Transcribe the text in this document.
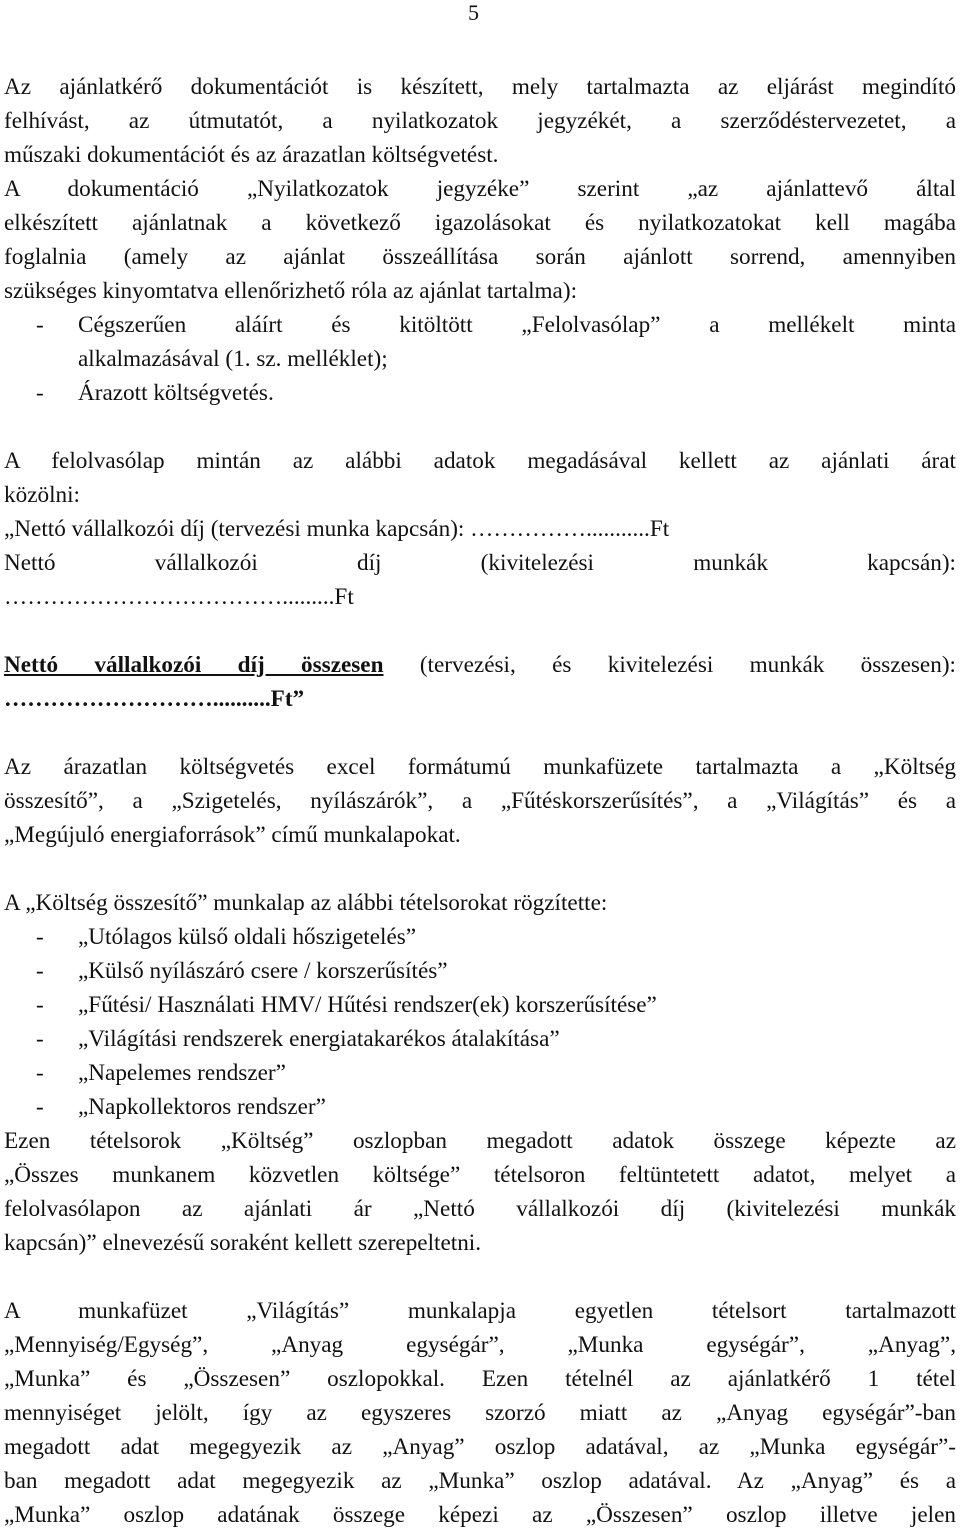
5

Az ajánlatkérő dokumentációt is készített, mely tartalmazta az eljárást megindító

felhívást, az útmutatót, a nyilatkozatok jegyzékét, a szerződéstervezetet, a

műszaki dokumentációt és az árazatlan költségvetést.

A dokumentáció „Nyilatkozatok jegyzéke” szerint „az ajánlattevő által

elkészített ajánlatnak a következő igazolásokat és nyilatkozatokat kell magába

foglalnia (amely az ajánlat összeállítása során ajánlott sorrend, amennyiben

szükséges kinyomtatva ellenőrizhető róla az ajánlat tartalma):

-	Cégszerűen aláírt és kitöltött „Felolvasólap” a mellékelt minta

alkalmazásával (1. sz. melléklet);

-	Árazott költségvetés.

A felolvasólap mintán az alábbi adatok megadásával kellett az ajánlati árat

közölni:

„Nettó vállalkozói díj (tervezési munka kapcsán): ……………...........Ft

Nettó vállalkozói díj (kivitelezési munkák kapcsán):

……………………………….........Ft

Nettó vállalkozói díj összesen (tervezési, és kivitelezési munkák összesen):

………………………..........Ft”

Az árazatlan költségvetés excel formátumú munkafüzete tartalmazta a „Költség

összesítő”, a „Szigetelés, nyílászárók”, a „Fűtéskorszerűsítés”, a „Világítás” és a

„Megújuló energiaforrások” című munkalapokat.

A „Költség összesítő” munkalap az alábbi tételsorokat rögzítette:

-	„Utólagos külső oldali hőszigetelés”
-	„Külső nyílászáró csere / korszerűsítés”
-	„Fűtési/ Használati HMV/ Hűtési rendszer(ek) korszerűsítése”
-	„Világítási rendszerek energiatakarékos átalakítása”
-	„Napelemes rendszer”
-	„Napkollektoros rendszer”

Ezen tételsorok „Költség” oszlopban megadott adatok összege képezte az

„Összes munkanem közvetlen költsége” tételsoron feltüntetett adatot, melyet a

felolvasólapon az ajánlati ár „Nettó vállalkozói díj (kivitelezési munkák

kapcsán)” elnevezésű soraként kellett szerepeltetni.

A munkafüzet „Világítás” munkalapja egyetlen tételsort tartalmazott

„Mennyiség/Egység”, „Anyag egységár”, „Munka egységár”, „Anyag”,

„Munka” és „Összesen” oszlopokkal. Ezen tételnél az ajánlatkérő 1 tétel

mennyiséget jelölt, így az egyszeres szorzó miatt az „Anyag egységár”-ban

megadott adat megegyezik az „Anyag” oszlop adatával, az „Munka egységár”-

ban megadott adat megegyezik az „Munka” oszlop adatával. Az „Anyag” és a

„Munka” oszlop adatának összege képezi az „Összesen” oszlop illetve jelen
